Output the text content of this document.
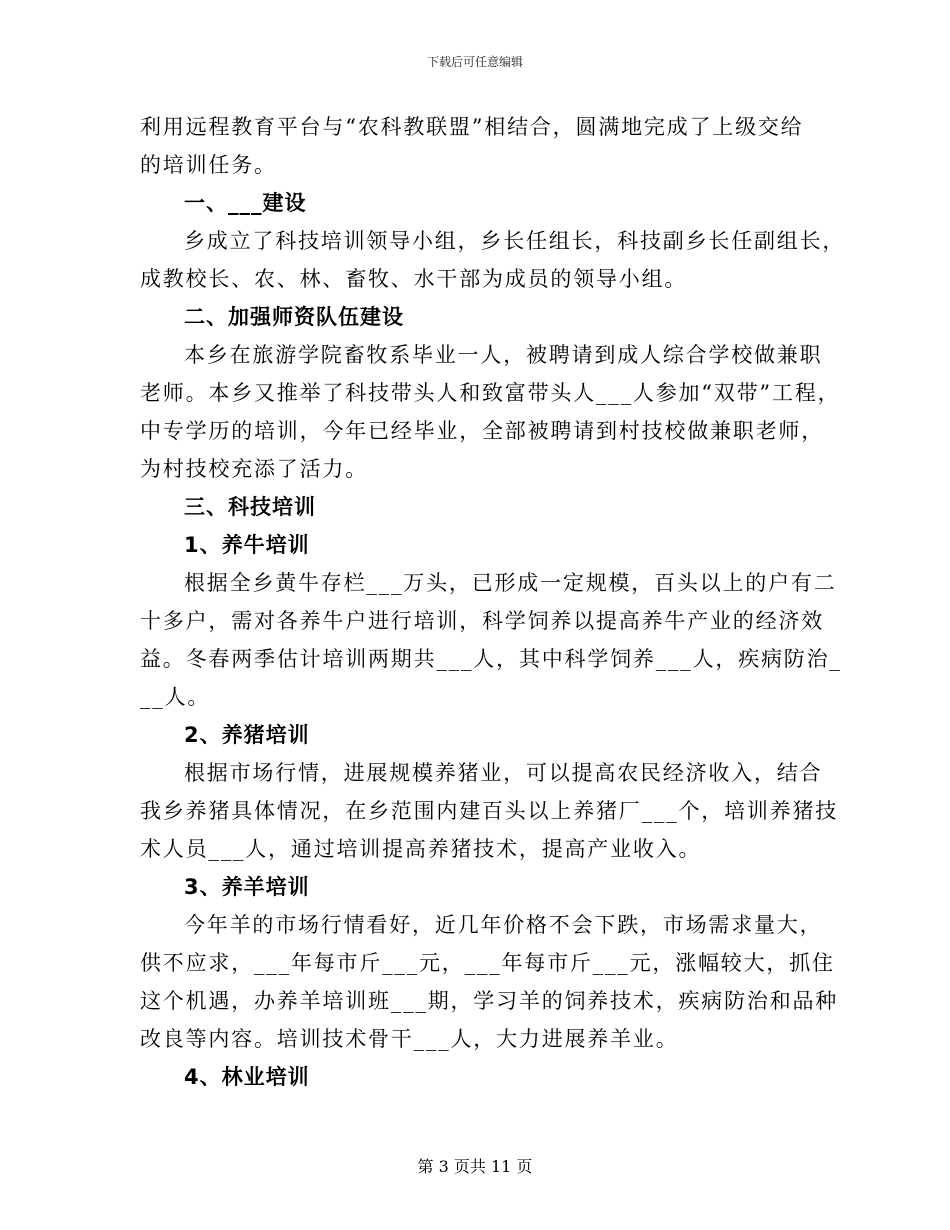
下载后可任意编辑
利用远程教育平台与“农科教联盟”相结合，圆满地完成了上级交给
的培训任务。
一、___建设
乡成立了科技培训领导小组，乡长任组长，科技副乡长任副组长，
成教校长、农、林、畜牧、水干部为成员的领导小组。
二、加强师资队伍建设
本乡在旅游学院畜牧系毕业一人，被聘请到成人综合学校做兼职
老师。本乡又推举了科技带头人和致富带头人___人参加“双带”工程，
中专学历的培训，今年已经毕业，全部被聘请到村技校做兼职老师，
为村技校充添了活力。
三、科技培训
1、养牛培训
根据全乡黄牛存栏___万头，已形成一定规模，百头以上的户有二
十多户，需对各养牛户进行培训，科学饲养以提高养牛产业的经济效
益。冬春两季估计培训两期共___人，其中科学饲养___人，疾病防治_
__人。
2、养猪培训
根据市场行情，进展规模养猪业，可以提高农民经济收入，结合
我乡养猪具体情况，在乡范围内建百头以上养猪厂___个，培训养猪技
术人员___人，通过培训提高养猪技术，提高产业收入。
3、养羊培训
今年羊的市场行情看好，近几年价格不会下跌，市场需求量大，
供不应求，___年每市斤___元，___年每市斤___元，涨幅较大，抓住
这个机遇，办养羊培训班___期，学习羊的饲养技术，疾病防治和品种
改良等内容。培训技术骨干___人，大力进展养羊业。
4、林业培训
第 3 页共 11 页
